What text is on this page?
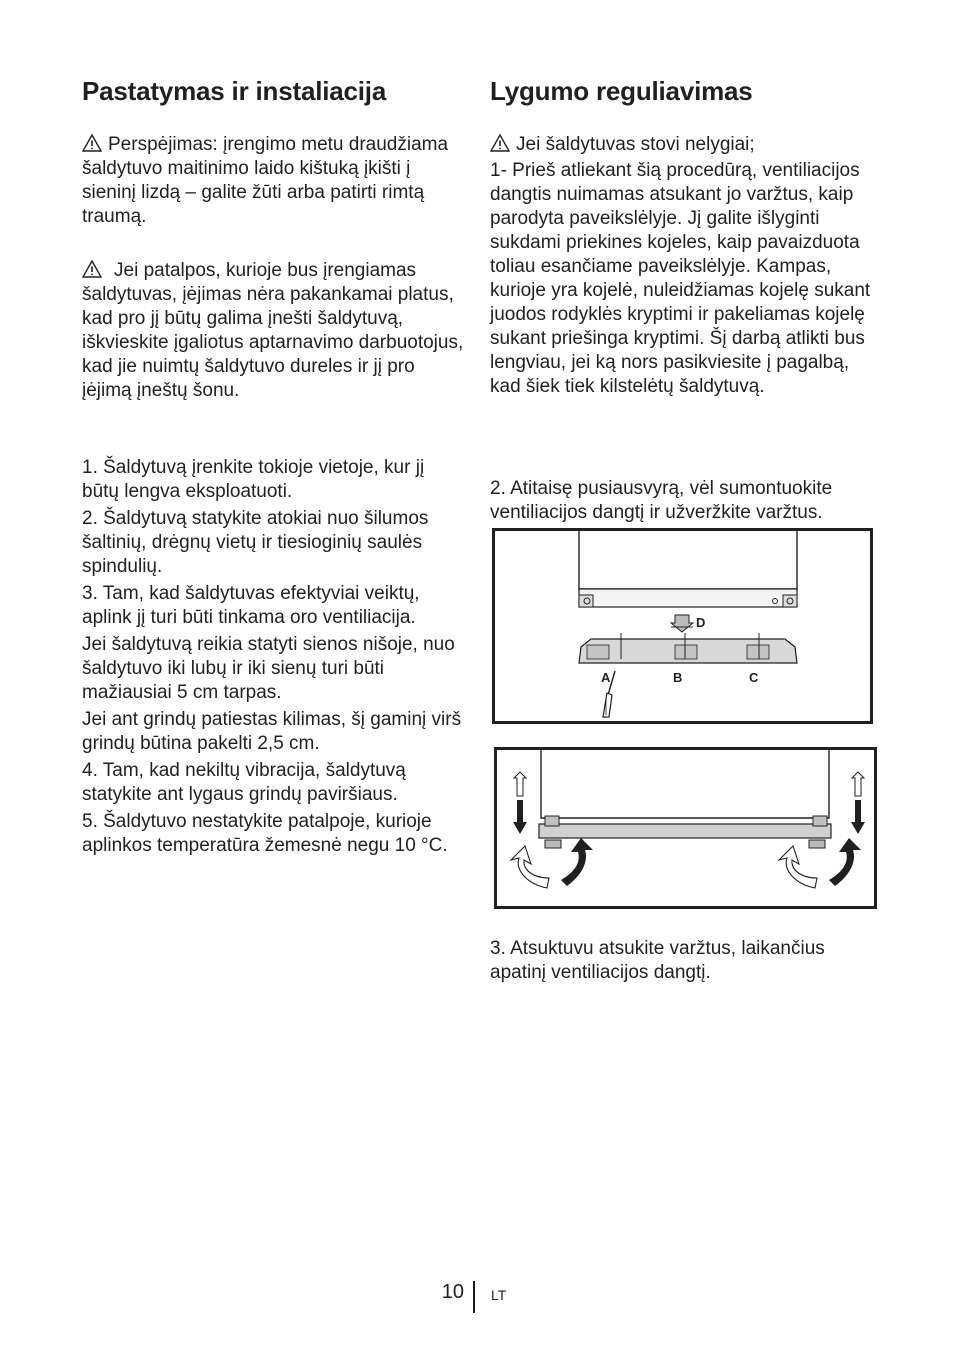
Pastatymas ir instaliacija

Perspėjimas: įrengimo metu draudžiama šaldytuvo maitinimo laido kištuką įkišti į sieninį lizdą – galite žūti arba patirti rimtą traumą.

Jei patalpos, kurioje bus įrengiamas šaldytuvas, įėjimas nėra pakankamai platus, kad pro jį būtų galima įnešti šaldytuvą, iškvieskite įgaliotus aptarnavimo darbuotojus, kad jie nuimtų šaldytuvo dureles ir jį pro įėjimą įneštų šonu.

1. Šaldytuvą įrenkite tokioje vietoje, kur jį būtų lengva eksploatuoti.

2. Šaldytuvą statykite atokiai nuo šilumos šaltinių, drėgnų vietų ir tiesioginių saulės spindulių.

3. Tam, kad šaldytuvas efektyviai veiktų, aplink jį turi būti tinkama oro ventiliacija.

Jei šaldytuvą reikia statyti sienos nišoje, nuo šaldytuvo iki lubų ir iki sienų turi būti mažiausiai 5 cm tarpas.

Jei ant grindų patiestas kilimas, šį gaminį virš grindų būtina pakelti 2,5 cm.

4. Tam, kad nekiltų vibracija, šaldytuvą statykite ant lygaus grindų paviršiaus.

5. Šaldytuvo nestatykite patalpoje, kurioje aplinkos temperatūra žemesnė negu 10 °C.

Lygumo reguliavimas

Jei šaldytuvas stovi nelygiai;

1- Prieš atliekant šią procedūrą, ventiliacijos dangtis nuimamas atsukant jo varžtus, kaip parodyta paveikslėlyje. Jį galite išlyginti sukdami priekines kojeles, kaip pavaizduota toliau esančiame paveikslėlyje. Kampas, kurioje yra kojelė, nuleidžiamas kojelę sukant juodos rodyklės kryptimi ir pakeliamas kojelę sukant priešinga kryptimi. Šį darbą atlikti bus lengviau, jei ką nors pasikviesite į pagalbą, kad šiek tiek kilstelėtų šaldytuvą.

2. Atitaisę pusiausvyrą, vėl sumontuokite ventiliacijos dangtį ir užveržkite varžtus.

3. Atsuktuvu atsukite varžtus, laikančius apatinį ventiliacijos dangtį.

D
A	B	C
10 LT
